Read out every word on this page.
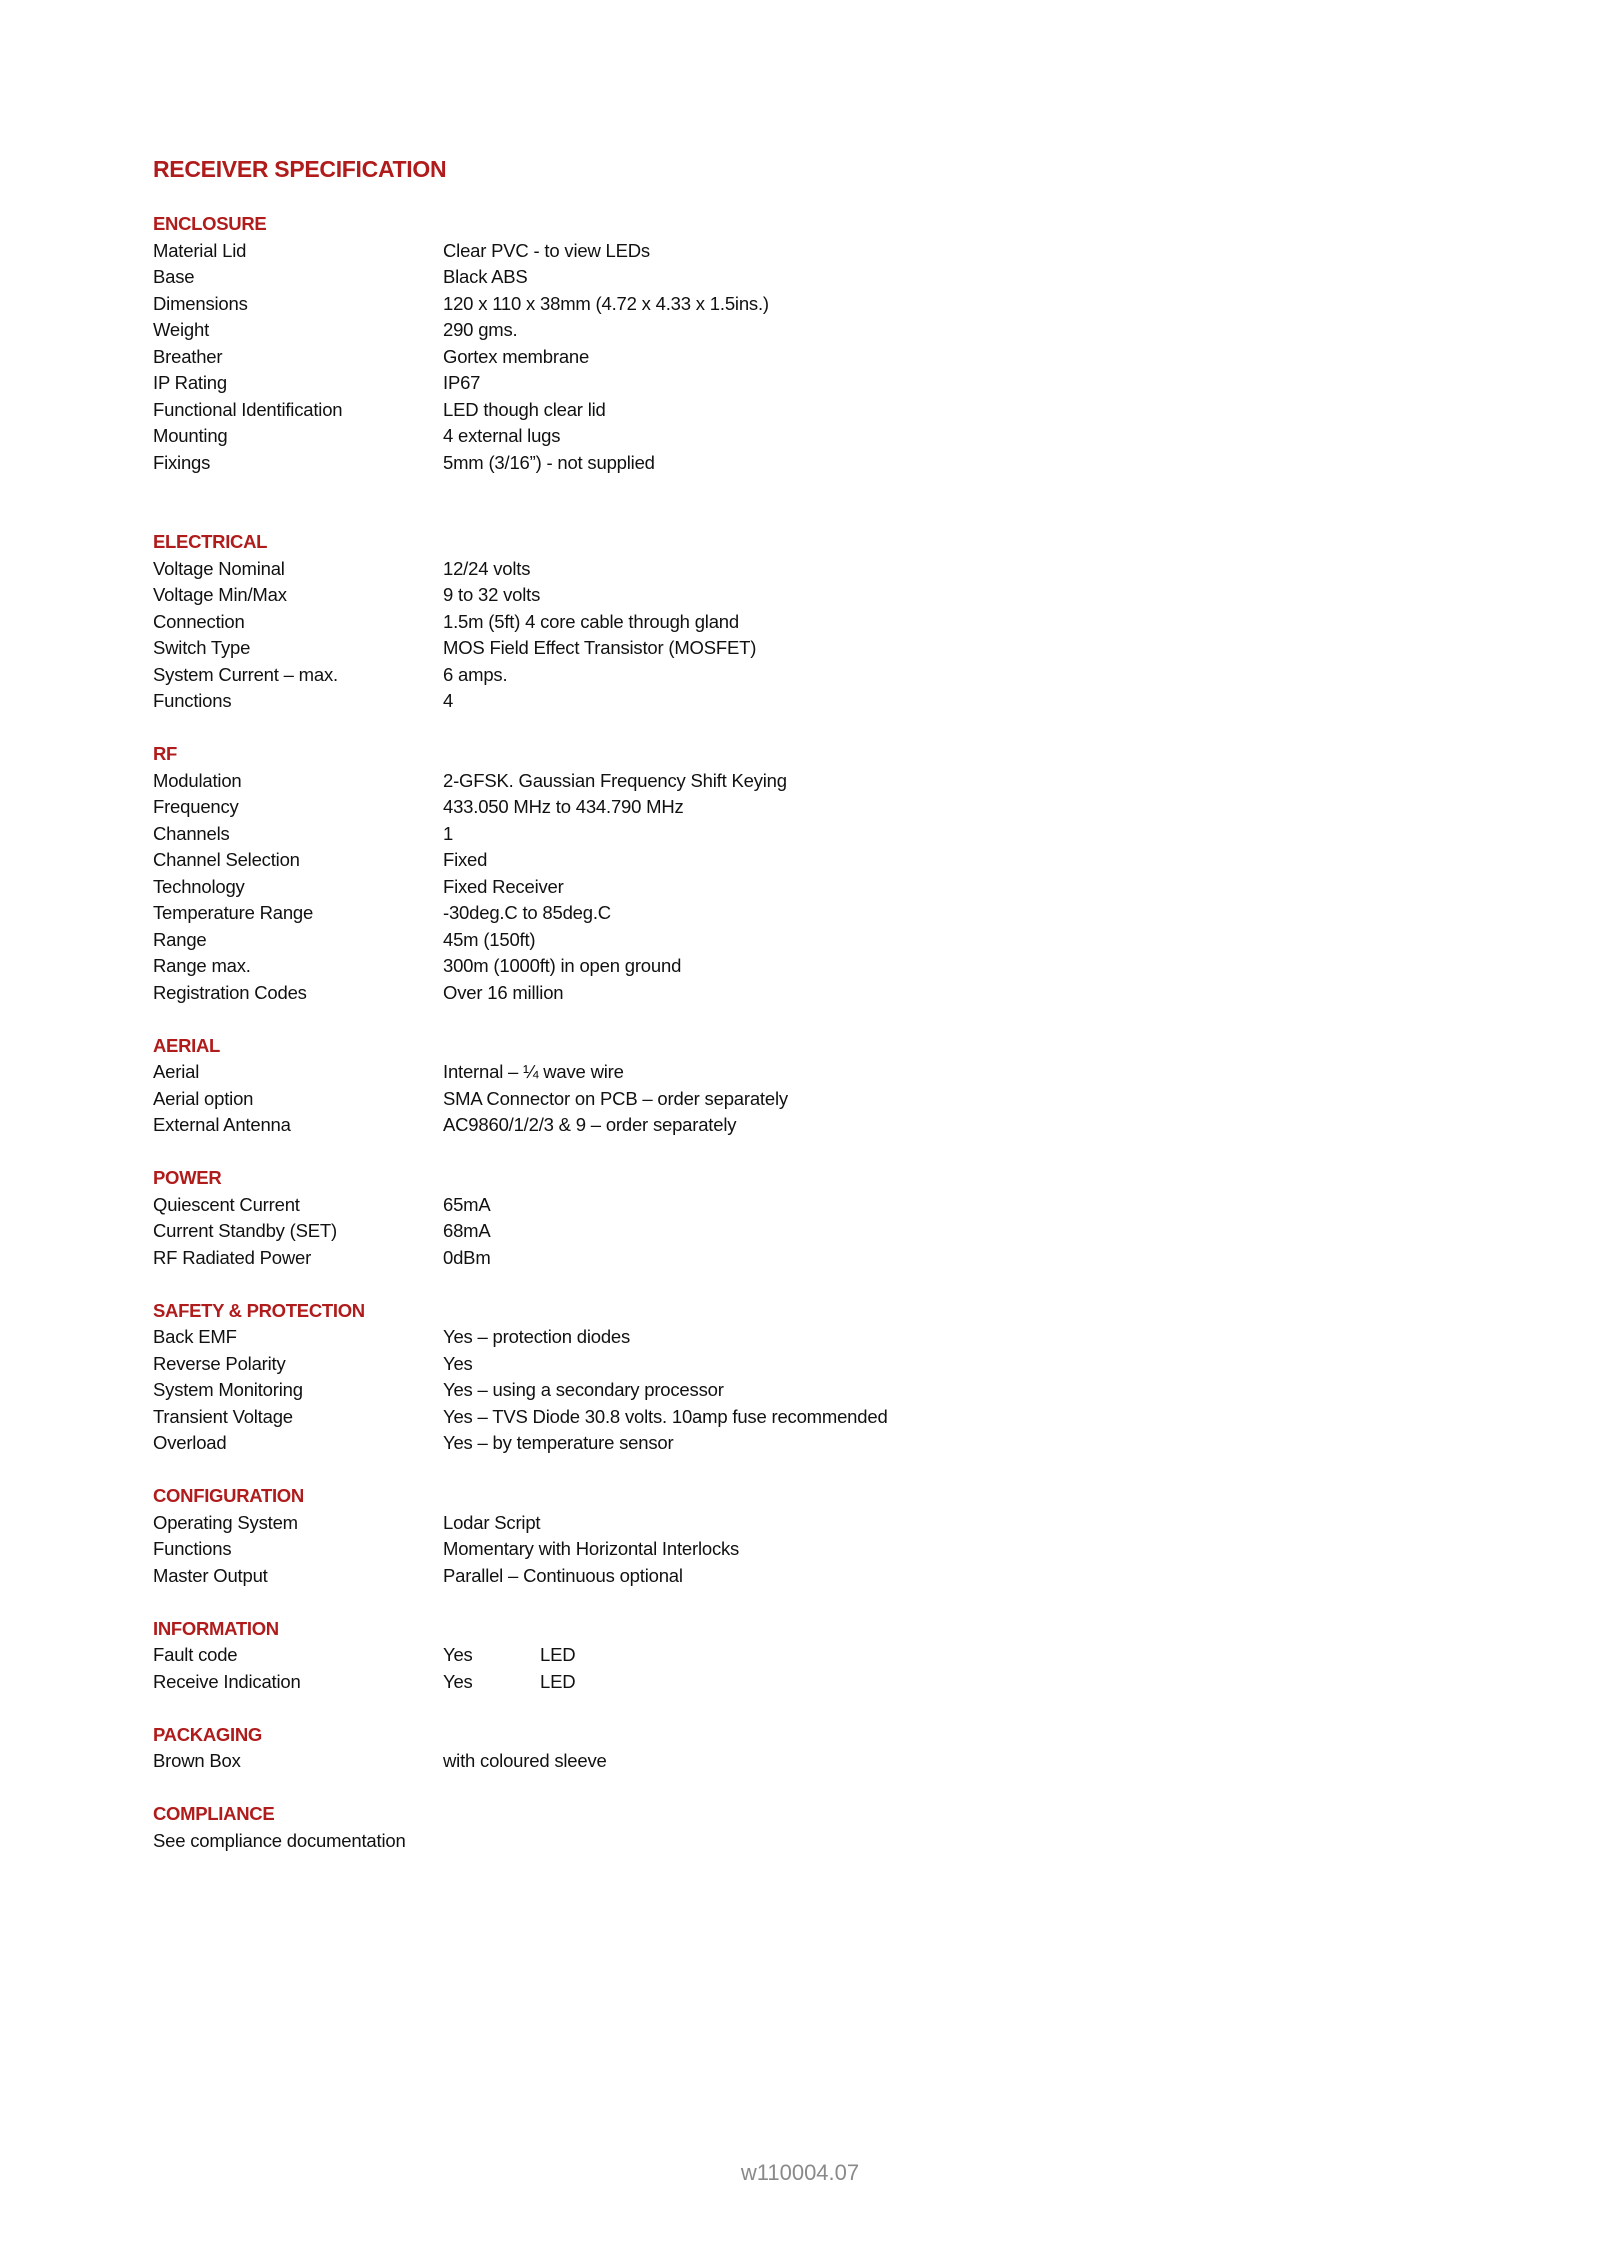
RECEIVER SPECIFICATION
ENCLOSURE
Material Lid	Clear PVC - to view LEDs
Base	Black ABS
Dimensions	120 x 110 x 38mm (4.72 x 4.33 x 1.5ins.)
Weight	290 gms.
Breather	Gortex membrane
IP Rating	IP67
Functional Identification	LED though clear lid
Mounting	4 external lugs
Fixings	5mm (3/16”) - not supplied
ELECTRICAL
Voltage Nominal	12/24 volts
Voltage Min/Max	9 to 32 volts
Connection	1.5m (5ft) 4 core cable through gland
Switch Type	MOS Field Effect Transistor (MOSFET)
System Current – max.	6 amps.
Functions	4
RF
Modulation	2-GFSK. Gaussian Frequency Shift Keying
Frequency	433.050 MHz to 434.790 MHz
Channels	1
Channel Selection	Fixed
Technology	Fixed Receiver
Temperature Range	-30deg.C to 85deg.C
Range	45m (150ft)
Range max.	300m (1000ft) in open ground
Registration Codes	Over 16 million
AERIAL
Aerial	Internal – ¼ wave wire
Aerial option	SMA Connector on PCB – order separately
External Antenna	AC9860/1/2/3 & 9 – order separately
POWER
Quiescent Current	65mA
Current Standby (SET)	68mA
RF Radiated Power	0dBm
SAFETY & PROTECTION
Back EMF	Yes – protection diodes
Reverse Polarity	Yes
System Monitoring	Yes – using a secondary processor
Transient Voltage	Yes – TVS Diode 30.8 volts. 10amp fuse recommended
Overload	Yes – by temperature sensor
CONFIGURATION
Operating System	Lodar Script
Functions	Momentary with Horizontal Interlocks
Master Output	Parallel – Continuous optional
INFORMATION
Fault code	Yes	LED
Receive Indication	Yes	LED
PACKAGING
Brown Box	with coloured sleeve
COMPLIANCE
See compliance documentation
w110004.07
